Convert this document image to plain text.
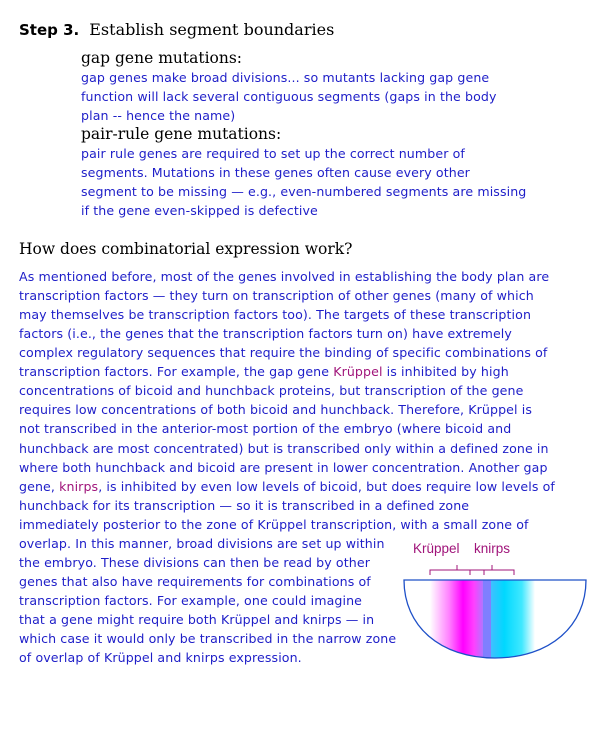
Step 3. Establish segment boundaries
gap gene mutations:
gap genes make broad divisions... so mutants lacking gap gene
function will lack several contiguous segments (gaps in the body
plan -- hence the name)
pair-rule gene mutations:
pair rule genes are required to set up the correct number of
segments. Mutations in these genes often cause every other
segment to be missing — e.g., even-numbered segments are missing
if the gene even-skipped is defective
How does combinatorial expression work?
As mentioned before, most of the genes involved in establishing the body plan are
transcription factors — they turn on transcription of other genes (many of which
may themselves be transcription factors too). The targets of these transcription
factors (i.e., the genes that the transcription factors turn on) have extremely
complex regulatory sequences that require the binding of specific combinations of
transcription factors. For example, the gap gene Krüppel is inhibited by high
concentrations of bicoid and hunchback proteins, but transcription of the gene
requires low concentrations of both bicoid and hunchback. Therefore, Krüppel is
not transcribed in the anterior-most portion of the embryo (where bicoid and
hunchback are most concentrated) but is transcribed only within a defined zone in
where both hunchback and bicoid are present in lower concentration. Another gap
gene, knirps, is inhibited by even low levels of bicoid, but does require low levels of
hunchback for its transcription — so it is transcribed in a defined zone
immediately posterior to the zone of Krüppel transcription, with a small zone of
overlap. In this manner, broad divisions are set up within
the embryo. These divisions can then be read by other
genes that also have requirements for combinations of
transcription factors. For example, one could imagine
that a gene might require both Krüppel and knirps — in
which case it would only be transcribed in the narrow zone
of overlap of Krüppel and knirps expression.
Krüppel knirps
